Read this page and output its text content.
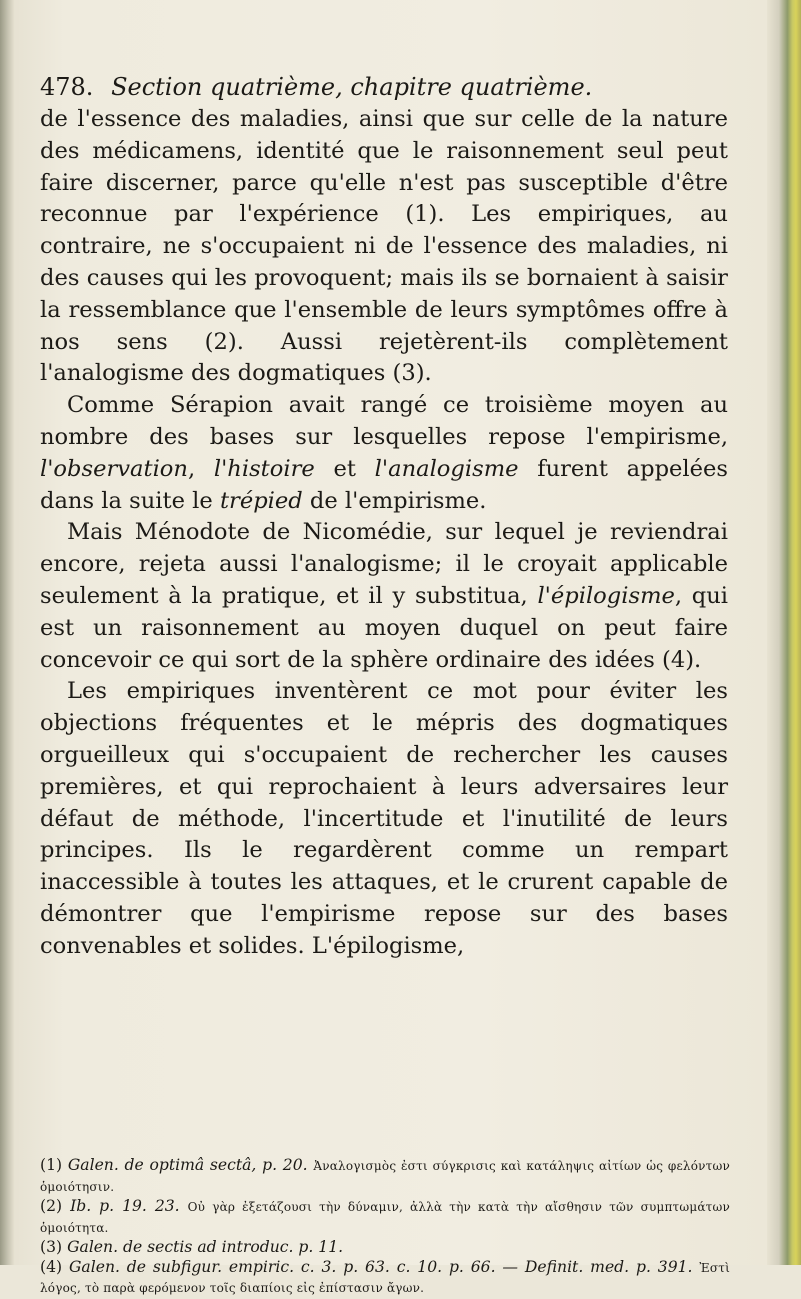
478. Section quatrième, chapitre quatrième.

de l'essence des maladies, ainsi que sur celle de la nature des médicamens, identité que le raisonnement seul peut faire discerner, parce qu'elle n'est pas susceptible d'être reconnue par l'expérience (1). Les empiriques, au contraire, ne s'occupaient ni de l'essence des maladies, ni des causes qui les provoquent; mais ils se bornaient à saisir la ressemblance que l'ensemble de leurs symptômes offre à nos sens (2). Aussi rejetèrent-ils complètement l'analogisme des dogmatiques (3).

Comme Sérapion avait rangé ce troisième moyen au nombre des bases sur lesquelles repose l'empirisme, l'observation, l'histoire et l'analogisme furent appelées dans la suite le trépied de l'empirisme.

Mais Ménodote de Nicomédie, sur lequel je reviendrai encore, rejeta aussi l'analogisme; il le croyait applicable seulement à la pratique, et il y substitua, l'épilogisme, qui est un raisonnement au moyen duquel on peut faire concevoir ce qui sort de la sphère ordinaire des idées (4).

Les empiriques inventèrent ce mot pour éviter les objections fréquentes et le mépris des dogmatiques orgueilleux qui s'occupaient de rechercher les causes premières, et qui reprochaient à leurs adversaires leur défaut de méthode, l'incertitude et l'inutilité de leurs principes. Ils le regardèrent comme un rempart inaccessible à toutes les attaques, et le crurent capable de démontrer que l'empirisme repose sur des bases convenables et solides. L'épilogisme,

(1) Galen. de optimâ sectâ, p. 20. Ἀναλογισμὸς ἐστι σύγκρισις καὶ κατάληψις αἰτίων ὡς φελόντων ὁμοιότησιν.

(2) Ib. p. 19. 23. Οὐ γὰρ ἐξετάζουσι τὴν δύναμιν, ἀλλὰ τὴν κατὰ τὴν αἴσθησιν τῶν συμπτωμάτων ὁμοιότητα.

(3) Galen. de sectis ad introduc. p. 11.

(4) Galen. de subfigur. empiric. c. 3. p. 63. c. 10. p. 66. — Definit. med. p. 391. Ἐστὶ λόγος, τὸ παρὰ φερόμενον τοῖς διαπίοις εἰς ἐπίστασιν ἄγων.
